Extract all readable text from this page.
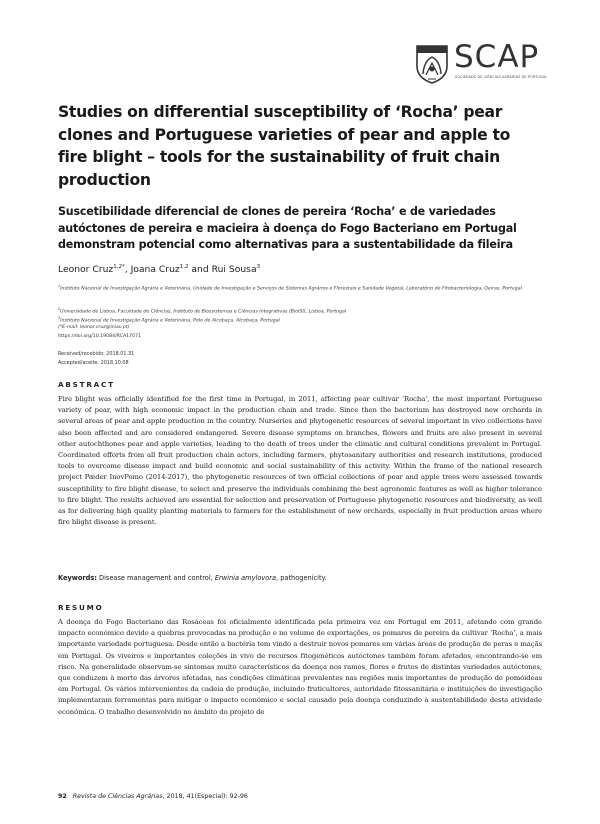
SCAP
SOCIEDADE DE CIÊNCIAS AGRÁRIAS DE PORTUGAL
Studies on differential susceptibility of ‘Rocha’ pear clones and Portuguese varieties of pear and apple to fire blight – tools for the sustainability of fruit chain production
Suscetibilidade diferencial de clones de pereira ‘Rocha’ e de variedades autóctones de pereira e macieira à doença do Fogo Bacteriano em Portugal demonstram potencial como alternativas para a sustentabilidade da fileira
Leonor Cruz$^{1,2*}$, Joana Cruz$^{1,2}$ and Rui Sousa$^3$
$^1$Instituto Nacional de Investigação Agrária e Veterinária, Unidade de Investigação e Serviços de Sistemas Agrários e Florestais e Sanidade Vegetal, Laboratório de Fitobacteriologia, Oeiras, Portugal
$^2$Universidade de Lisboa, Faculdade de Ciências, Instituto de Biossistemas e Ciências Integrativas (BioISI), Lisboa, Portugal
$^3$Instituto Nacional de Investigação Agrária e Veterinária, Polo de Alcobaça, Alcobaça, Portugal
(*E-mail: leonor.cruz@iniav.pt)
https://doi.org/10.19084/RCA17071
Received/recebido: 2018.01.31
Accepted/aceite: 2018.10.08
ABSTRACT

Fire blight was officially identified for the first time in Portugal, in 2011, affecting pear cultivar ‘Rocha’, the most important Portuguese variety of pear, with high economic impact in the production chain and trade. Since then the bacterium has destroyed new orchards in several areas of pear and apple production in the country. Nurseries and phytogenetic resources of several important in vivo collections have also been affected and are considered endangered. Severe disease symptoms on branches, flowers and fruits are also present in several other autochthones pear and apple varieties, leading to the death of trees under the climatic and cultural conditions prevalent in Portugal. Coordinated efforts from all fruit production chain actors, including farmers, phytosanitary authorities and research institutions, produced tools to overcome disease impact and build economic and social sustainability of this activity. Within the frame of the national research project Pæder InovPomo (2014-2017), the phytogenetic resources of two official collections of pear and apple trees were assessed towards susceptibility to fire blight disease, to select and preserve the individuals combining the best agronomic features as well as higher tolerance to fire blight. The results achieved are essential for selection and preservation of Portuguese phytogenetic resources and biodiversity, as well as for delivering high quality planting materials to farmers for the establishment of new orchards, especially in fruit production areas where fire blight disease is present.

Keywords: Disease management and control, Erwinia amylovora, pathogenicity.
RESUMO

A doença do Fogo Bacteriano das Rosáceas foi oficialmente identificada pela primeira vez em Portugal em 2011, afetando com grande impacto económico devido a quebras provocadas na produção e no volume de exportações, os pomares de pereira da cultivar ‘Rocha’, a mais importante variedade portuguesa. Desde então a bactéria tem vindo a destruir novos pomares em várias áreas de produção de peras e maçãs em Portugal. Os viveiros e importantes coleções in vivo de recursos fitogenéticos autóctones também foram afetados, encontrando-se em risco. Na generalidade observam-se sintomas muito característicos da doença nos ramos, flores e frutos de distintas variedades autóctones, que conduzem à morte das árvores afetadas, nas condições climáticas prevalentes nas regiões mais importantes de produção de pomóideas em Portugal. Os vários intervenientes da cadeia de produção, incluindo fruticultores, autoridade fitossanitária e instituições de investigação implementaram ferramentas para mitigar o impacto económico e social causado pela doença conduzindo à sustentabilidade desta atividade económica. O trabalho desenvolvido no âmbito do projeto de

92 Revista de Ciências Agrárias, 2018, 41(Especial): 92-96
